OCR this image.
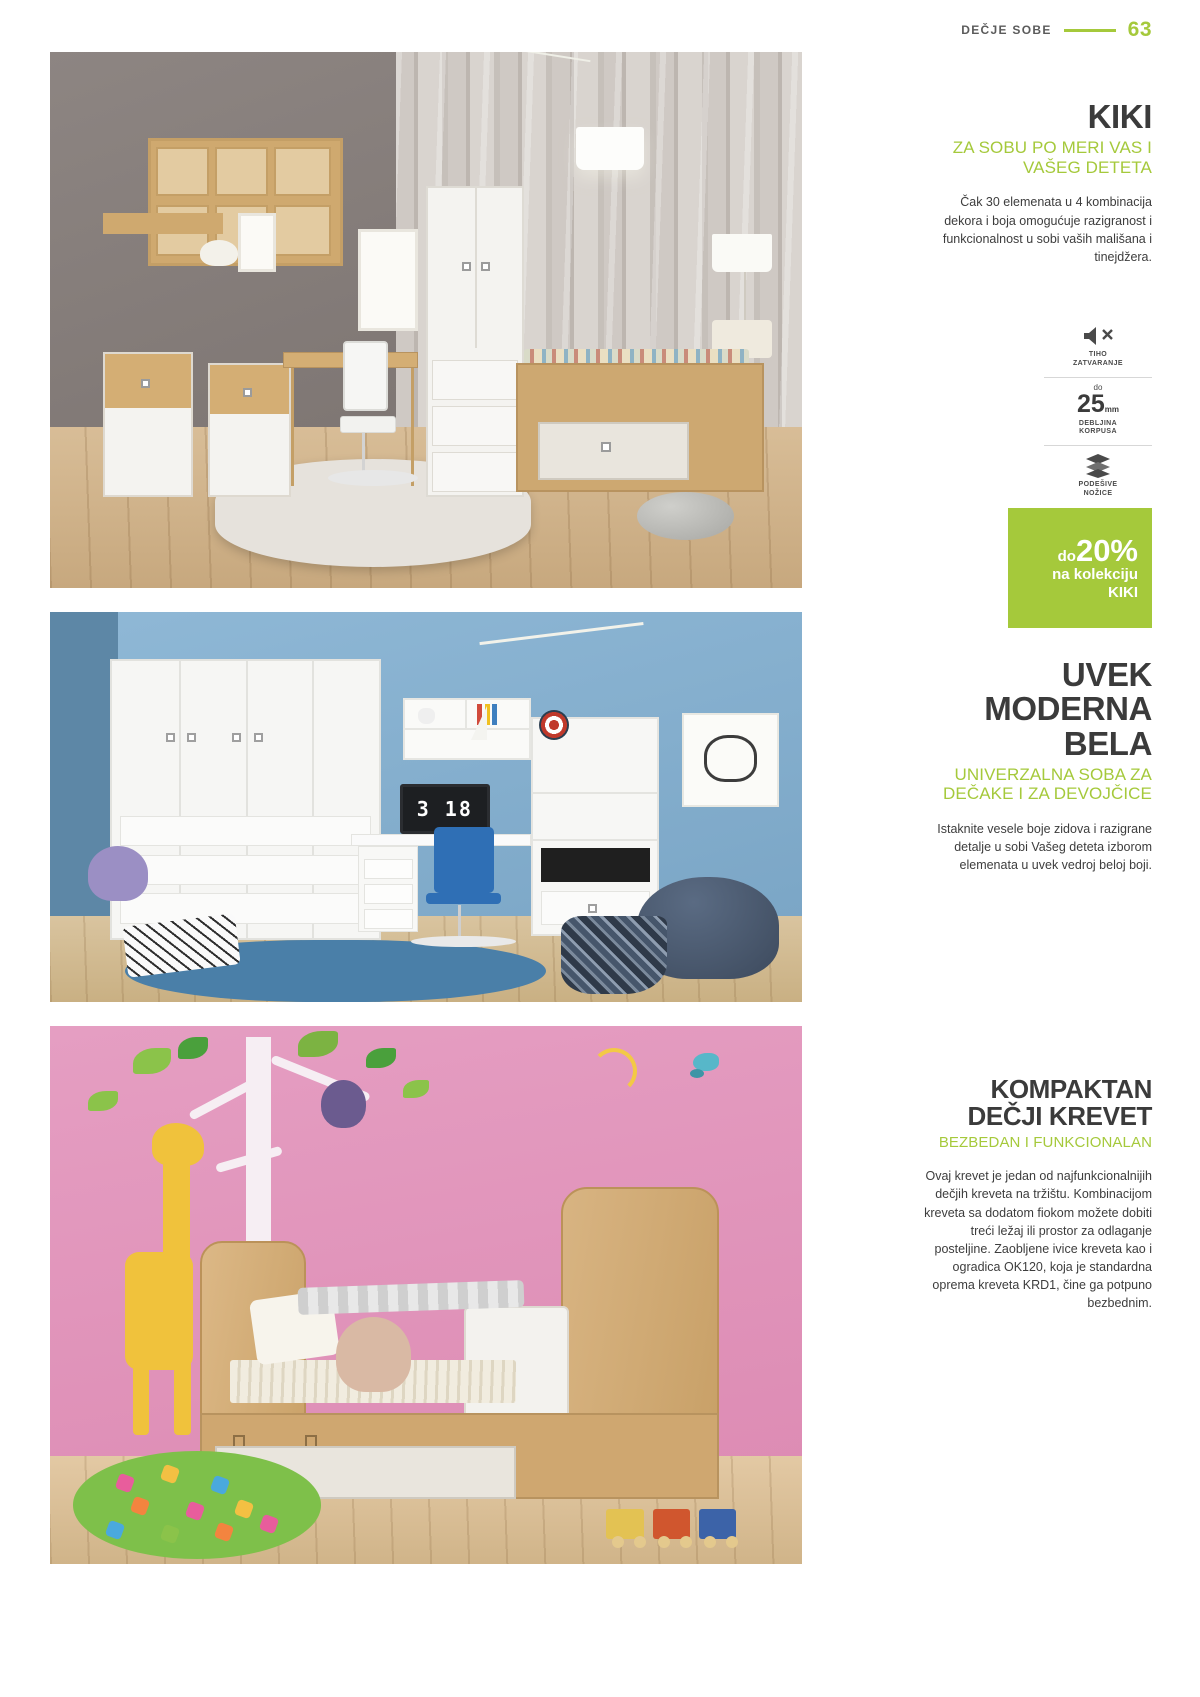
DEČJE SOBE	63
3 18
KIKI
ZA SOBU PO MERI VAS I VAŠEG DETETA
Čak 30 elemenata u 4 kombinacija dekora i boja omogućuje razigranost i funkcionalnost u sobi vaših mališana i tinejdžera.
TIHO
ZATVARANJE
do
25mm
DEBLJINA
KORPUSA
PODEŠIVE
NOŽICE
do20%
na kolekciju
KIKI
UVEK MODERNA BELA
UNIVERZALNA SOBA ZA DEČAKE I ZA DEVOJČICE
Istaknite vesele boje zidova i razigrane detalje u sobi Vašeg deteta izborom elemenata u uvek vedroj beloj boji.
KOMPAKTAN DEČJI KREVET
BEZBEDAN I FUNKCIONALAN
Ovaj krevet je jedan od najfunkcionalnijih dečjih kreveta na tržištu. Kombinacijom kreveta sa dodatom fiokom možete dobiti treći ležaj ili prostor za odlaganje posteljine. Zaobljene ivice kreveta kao i ogradica OK120, koja je standardna oprema kreveta KRD1, čine ga potpuno bezbednim.
